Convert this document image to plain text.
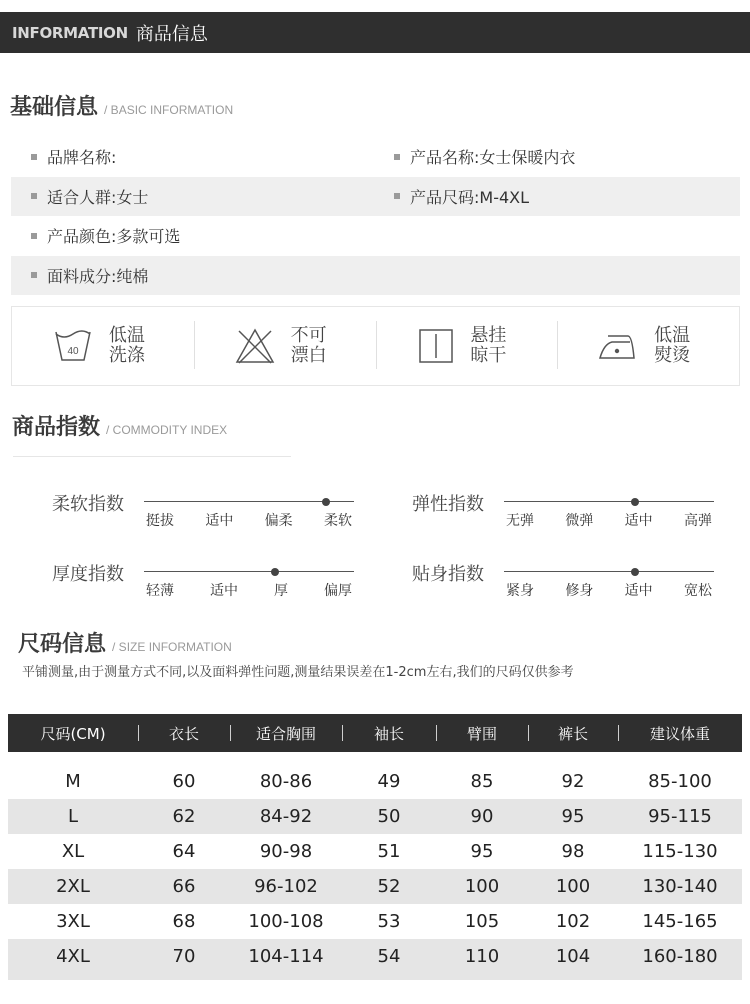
INFORMATION 商品信息
基础信息 / BASIC INFORMATION
品牌名称:	产品名称:女士保暖内衣
适合人群:女士	产品尺码:M-4XL
产品颜色:多款可选
面料成分:纯棉
40
低温
洗涤
不可
漂白
悬挂
晾干
低温
熨烫
商品指数 / COMMODITY INDEX
柔软指数
挺拔 适中 偏柔 柔软
弹性指数
无弹 微弹 适中 高弹
厚度指数
轻薄	适中	厚	偏厚
贴身指数
紧身 修身 适中 宽松
尺码信息 / SIZE INFORMATION
平铺测量,由于测量方式不同,以及面料弹性问题,测量结果误差在1-2cm左右,我们的尺码仅供参考
尺码(CM)	衣长	适合胸围	袖长	臂围	裤长	建议体重

M	60	80-86	49	85	92	85-100
L	62	84-92	50	90	95	95-115
XL	64	90-98	51	95	98	115-130
2XL	66	96-102	52	100	100	130-140
3XL	68	100-108	53	105	102	145-165
4XL	70	104-114	54	110	104	160-180
